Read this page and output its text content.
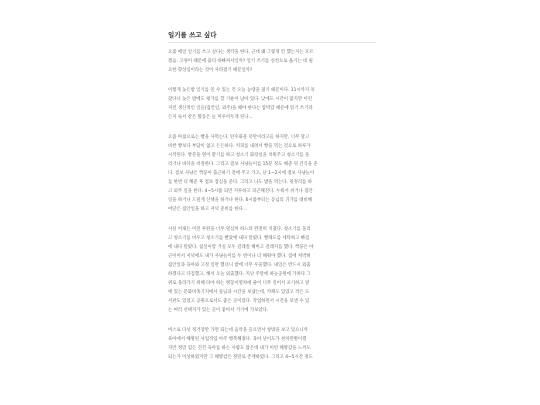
일기를 쓰고 싶다
요즘 매일 일기를 쓰고 싶다는 생각을 한다. 근데 왜 그렇게 안 했는지는 모르
겠음. 고양이 때문에 출티 바빠져서일까? 일기 쓰기를 실천으로 옮기는 데 필
요한 향상심이라는 것이 사라졌기 때문일까?
이렇게 늦은밤 일기를 쓸 수 있는 건 오늘 농땡을 쳤기 때문이다. 11시까지 폭
잤다니 늦은 밤에도 평가를 할 기운이 남아 있다. 낮에도 시간이 많지만 이런
저런 생산적인 일들(집안일, 외주)을 해야 한다는 압박감 때문에 읽기 쓰기라
든지 독서 같은 활동은 늘 미루어두게 된다...
요즘 아침으로는 빵을 사먹는다. 탄수화물 폭탄이라고들 하지만, 너무 달고
비싼 빵보다 부담이 없고 든든하다. 커피를 내려서 빵을 먹는 것으로 하루가
시작된다. 방문을 열어 환기를 하고 청소기 화장실을 치워주고 청소기를 돌
리거나 바닥을 비질한다. 그리고 점보 사냥놀이를 15분 정도 해준 뒤 간식을 준
다. 점보 사냥은 짝꿍이 출근하기 전에 주고 가고, 난 1~2시에 점보 사냥놀이
를 한번 더 해준 후 점보 점심을 준다. 그리고 나도 밥을 먹는다. 뒷정리를 하
고 외주 일을 한다. 4~5시쯤 되면 지루하고 피곤해진다. 누워서 쉬거나 집안
일을 하거나 드릴게 산책을 하거나 한다. 6시쯤부터는 동넘의 귀가를 대비해
여닫은 집안일을 하고 저녁 준비를 한다...
사실 어제는 이런 루틴을 너무 열심히 하느라 완전히 지쳤다. 청소기를 돌리
고 청소기를 비우고 청소기를 빨았에 내다 말렸다. 빨래도를 세탁하고 빠짐
에 내다 말렸다. 침실이랑 거실 모두 걸레질 해버고 걸레지를 했다. 짝꿍은 야
근이어서 저녁에도 내가 사냥놀이를 두 번이나 더 해줘야 했다. 집에 처박혀
집안일과 육아와 고정 일만 했더니 밤에 너무 우울했다. 내일은 반드시 외출
하겠다고 다짐했고, 해서 오늘 외출했다. 지난 주말에 하늘공원에 가려다 그
위로 올라가기 위해 타야 하는 맹꽁이열차에 줄이 너무 길어서 포기하고 옆
에 있는 문화비축기지에서 돌님과 시간을 보냈는데, 카페도 있었고 작은 도
서관도 있었고 공원으로서도 좋은 곳이었다. 작업하면서 시간을 보낼 수 있
는 여러 선택지가 있는 곳이 좋아서 거기에 가보았다.
버스로 다섯 정거장만 가면 되는데 음악을 들으면서 창밖을 보고 있으니까
육아에서 해방된 사업적업 아주 행복해졌다. 육아 난이도가 천차만별이겠
지만 정말 힘든 건건 육아를 하는 사람도 많은데 내가 이런 해방감을 느끼도
되는가 이상하였지만 그 해방감은 정말로 존재하였다. 그리고 4~5시간 정도
